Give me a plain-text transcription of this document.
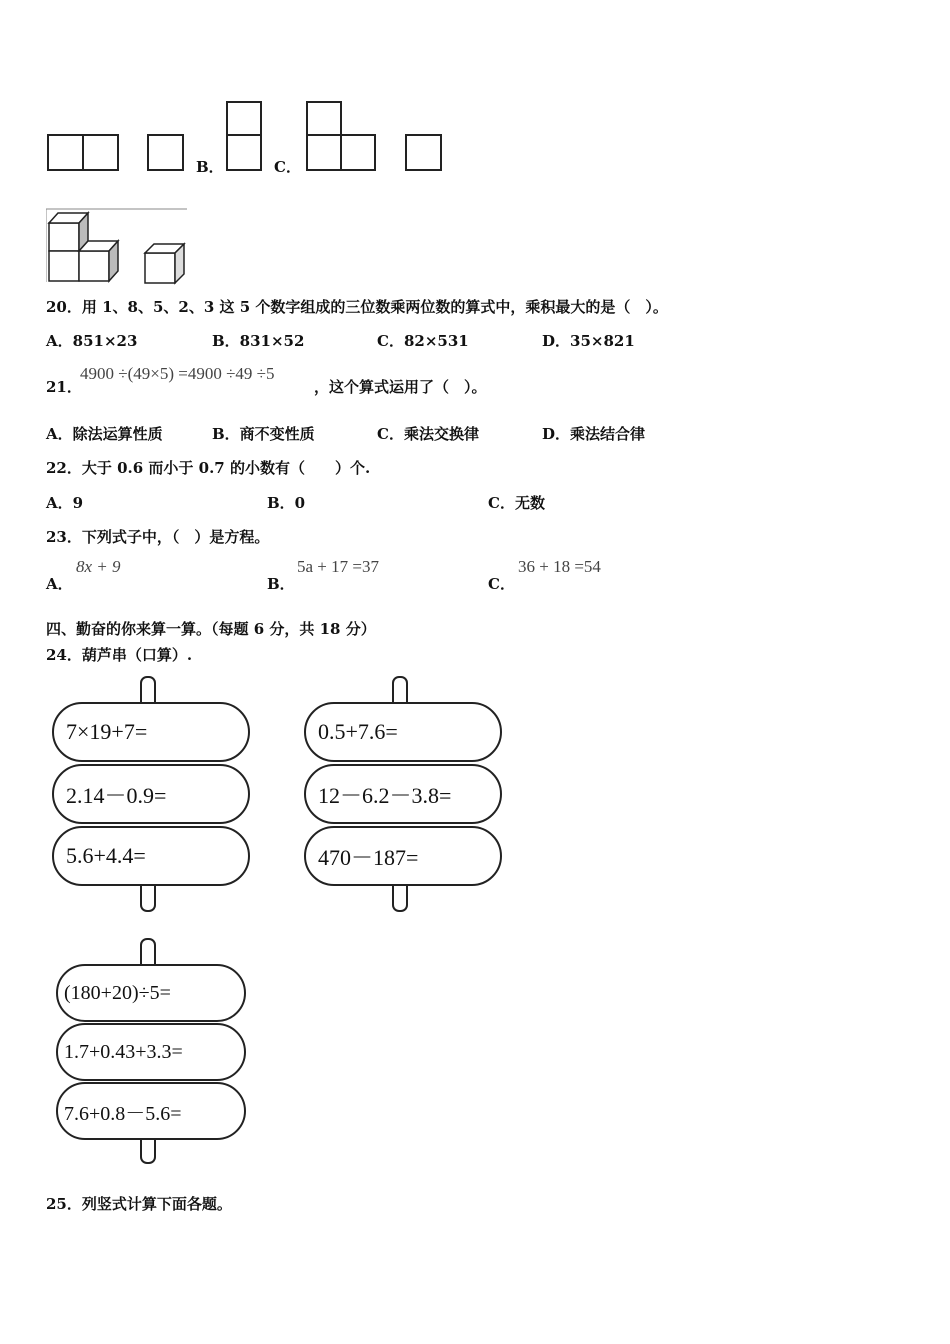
B．	C．
20．用 1、8、5、2、3 这 5 个数字组成的三位数乘两位数的算式中，乘积最大的是（　）。
A．851×23	B．831×52	C．82×531	D．35×821
21．
4900 ÷(49×5) =4900 ÷49 ÷5
，这个算式运用了（　）。
A．除法运算性质	B．商不变性质	C．乘法交换律	D．乘法结合律
22．大于 0.6 而小于 0.7 的小数有（　　）个.
A．9	B．0	C．无数
23．下列式子中，（　）是方程。
A．
8x + 9
B．
5a + 17 =37
C．
36 + 18 =54
四、勤奋的你来算一算。（每题 6 分，共 18 分）
24．葫芦串（口算）.
7×19+7=
2.14－0.9=
5.6+4.4=
0.5+7.6=
12－6.2－3.8=
470－187=
(180+20)÷5=
1.7+0.43+3.3=
7.6+0.8－5.6=
25．列竖式计算下面各题。
